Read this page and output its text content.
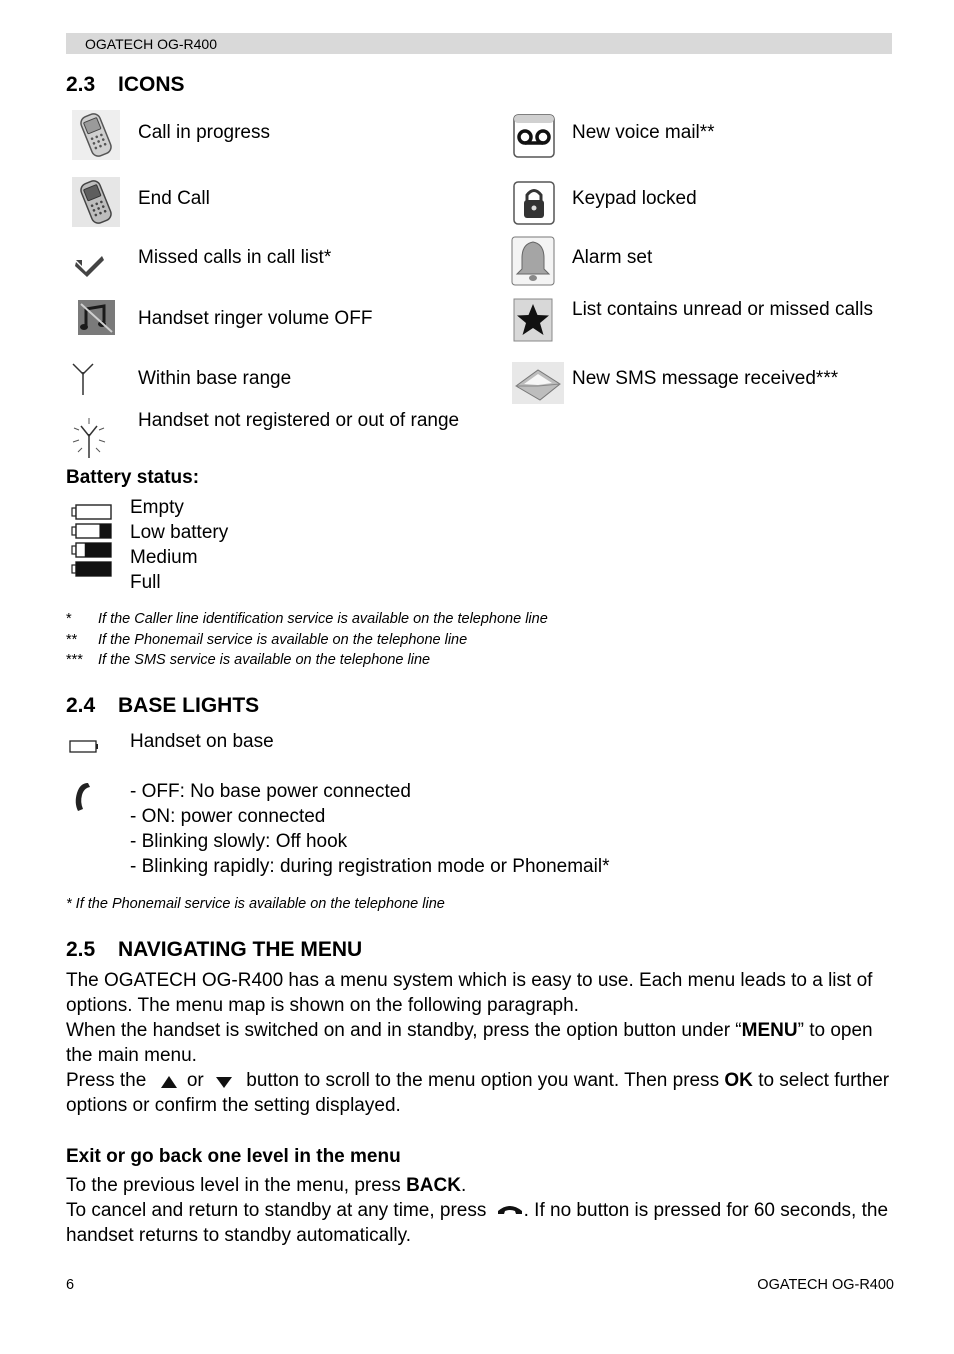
OGATECH OG-R400
2.3 ICONS
Call in progress
End Call
Missed calls in call list*
Handset ringer volume OFF
Within base range
Handset not registered or out of range
New voice mail**
Keypad locked
Alarm set
List contains unread or missed calls
New SMS message received***
Battery status:
Empty
Low battery
Medium
Full
* If the Caller line identification service is available on the telephone line
** If the Phonemail service is available on the telephone line
*** If the SMS service is available on the telephone line
2.4 BASE LIGHTS
Handset on base
- OFF: No base power connected
- ON: power connected
- Blinking slowly: Off hook
- Blinking rapidly: during registration mode or Phonemail*
* If the Phonemail service is available on the telephone line
2.5 NAVIGATING THE MENU
The OGATECH OG-R400 has a menu system which is easy to use. Each menu leads to a list of options. The menu map is shown on the following paragraph.
When the handset is switched on and in standby, press the option button under “MENU” to open the main menu.
Press the or button to scroll to the menu option you want. Then press OK to select further options or confirm the setting displayed.
Exit or go back one level in the menu
To the previous level in the menu, press BACK.
To cancel and return to standby at any time, press . If no button is pressed for 60 seconds, the handset returns to standby automatically.
6	OGATECH OG-R400
